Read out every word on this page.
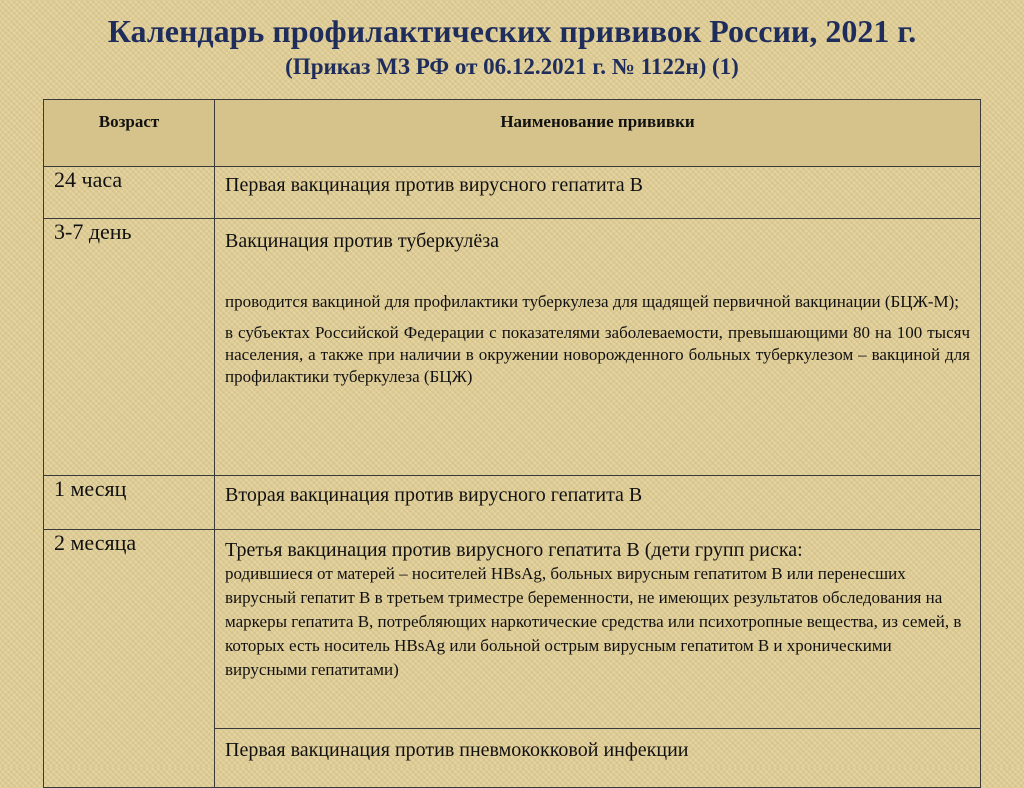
Календарь профилактических прививок России, 2021 г.
(Приказ МЗ РФ от 06.12.2021 г. № 1122н) (1)
Возраст	Наименование прививки
24 часа	Первая вакцинация против вирусного гепатита В
3-7 день	Вакцинация против туберкулёза
проводится вакциной для профилактики туберкулеза для щадящей первичной вакцинации (БЦЖ-М);
в субъектах Российской Федерации с показателями заболеваемости, превышающими 80 на 100 тысяч населения, а также при наличии в окружении новорожденного больных туберкулезом – вакциной для профилактики туберкулеза (БЦЖ)

1 месяц	Вторая вакцинация против вирусного гепатита В
2 месяца	Третья вакцинация против вирусного гепатита В (дети групп риска:
родившиеся от матерей – носителей HBsAg, больных вирусным гепатитом В или перенесших вирусный гепатит В в третьем триместре беременности, не имеющих результатов обследования на маркеры гепатита В, потребляющих наркотические средства или психотропные вещества, из семей, в которых есть носитель HBsAg или больной острым вирусным гепатитом В и хроническими вирусными гепатитами)
Первая вакцинация против пневмококковой инфекции
